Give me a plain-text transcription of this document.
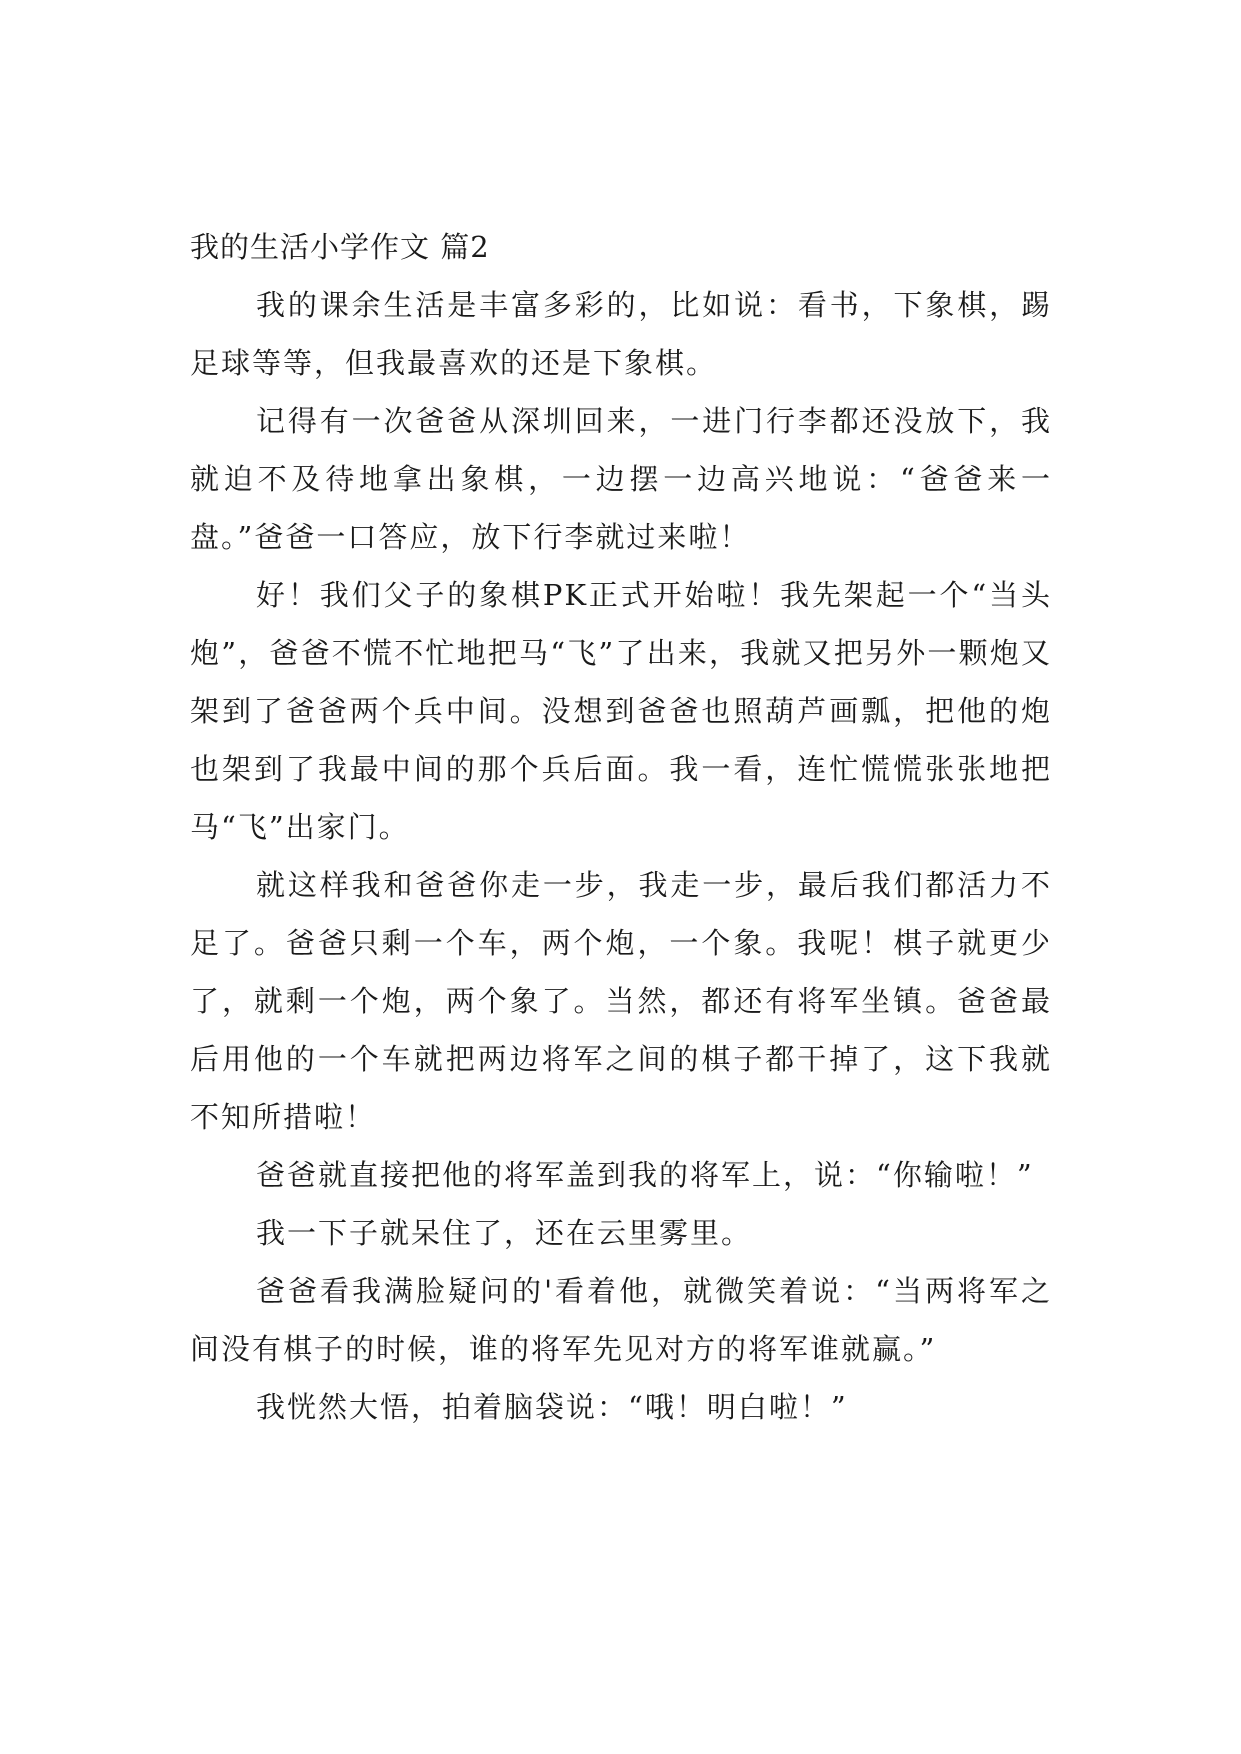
我的生活小学作文 篇2

我的课余生活是丰富多彩的，比如说：看书，下象棋，踢足球等等，但我最喜欢的还是下象棋。

记得有一次爸爸从深圳回来，一进门行李都还没放下，我就迫不及待地拿出象棋，一边摆一边高兴地说：“爸爸来一盘。”爸爸一口答应，放下行李就过来啦！

好！我们父子的象棋PK正式开始啦！我先架起一个“当头炮”，爸爸不慌不忙地把马“飞”了出来，我就又把另外一颗炮又架到了爸爸两个兵中间。没想到爸爸也照葫芦画瓢，把他的炮也架到了我最中间的那个兵后面。我一看，连忙慌慌张张地把马“飞”出家门。

就这样我和爸爸你走一步，我走一步，最后我们都活力不足了。爸爸只剩一个车，两个炮，一个象。我呢！棋子就更少了，就剩一个炮，两个象了。当然，都还有将军坐镇。爸爸最后用他的一个车就把两边将军之间的棋子都干掉了，这下我就不知所措啦！

爸爸就直接把他的将军盖到我的将军上，说：“你输啦！”

我一下子就呆住了，还在云里雾里。

爸爸看我满脸疑问的'看着他，就微笑着说：“当两将军之间没有棋子的时候，谁的将军先见对方的将军谁就赢。”

我恍然大悟，拍着脑袋说：“哦！明白啦！”
